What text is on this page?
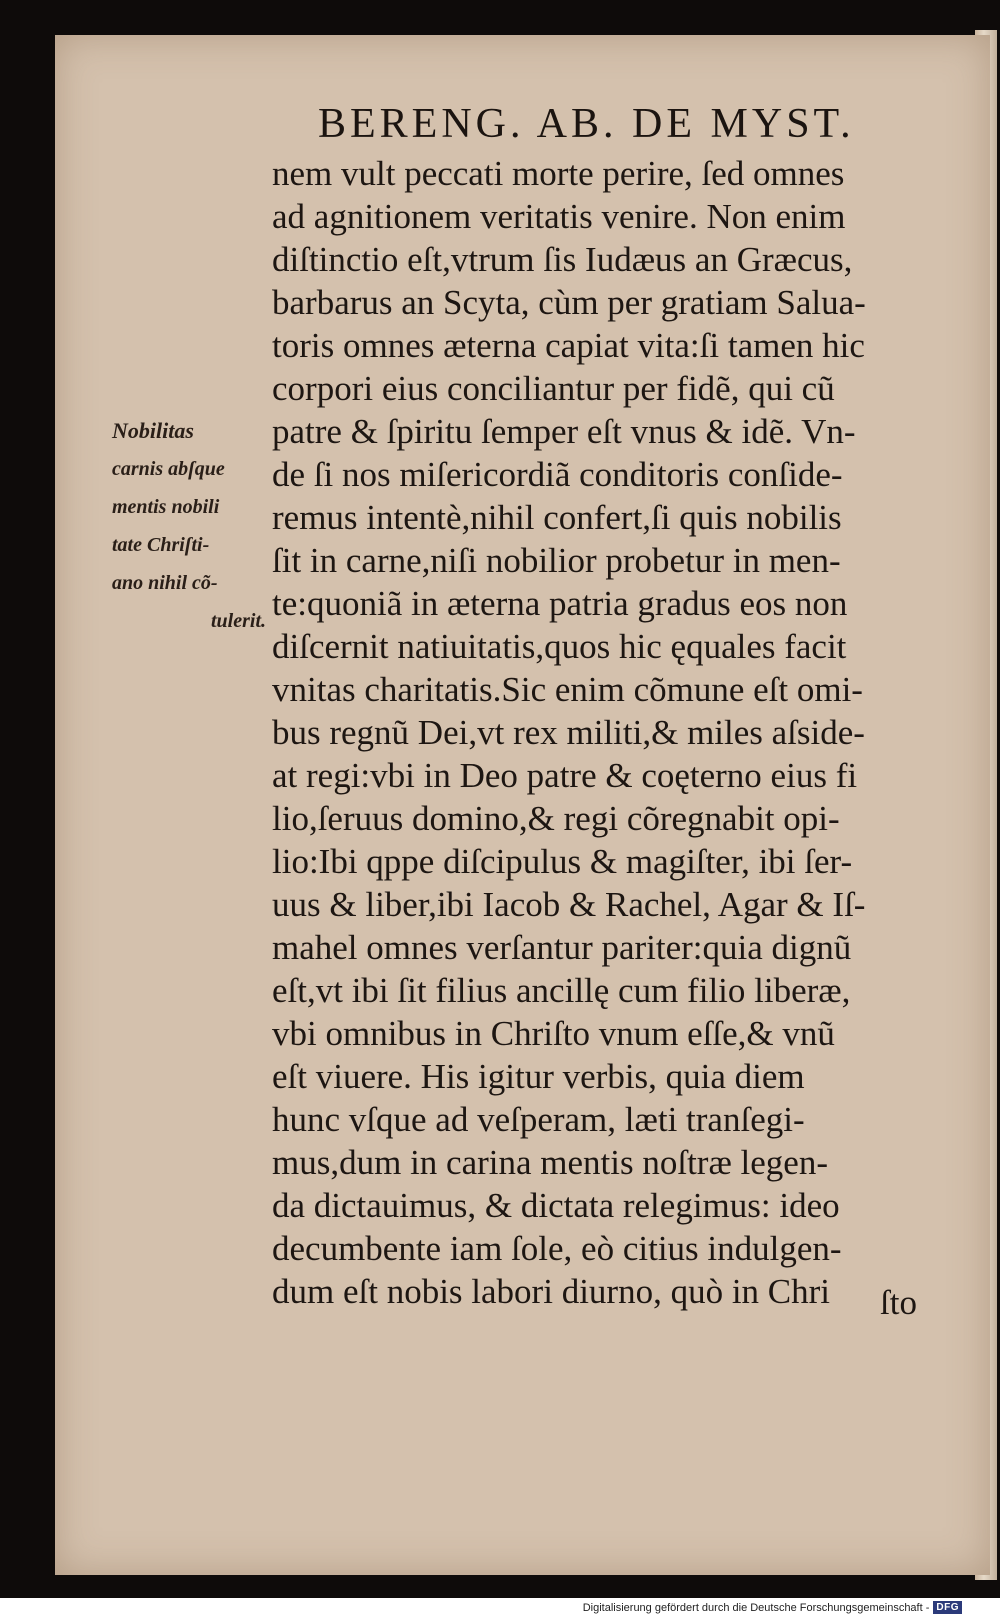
BERENG. AB. DE MYST.
Nobilitas
carnis abſque
mentis nobili
tate Chriſti-
ano nihil cõ-
tulerit.
nem vult peccati morte perire, ſed omnes
ad agnitionem veritatis venire. Non enim
diſtinctio eſt,vtrum ſis Iudæus an Græcus,
barbarus an Scyta, cùm per gratiam Salua-
toris omnes æterna capiat vita:ſi tamen hic
corpori eius conciliantur per fidẽ, qui cũ
patre & ſpiritu ſemper eſt vnus & idẽ. Vn-
de ſi nos miſericordiã conditoris conſide-
remus intentè,nihil confert,ſi quis nobilis
ſit in carne,niſi nobilior probetur in men-
te:quoniã in æterna patria gradus eos non
diſcernit natiuitatis,quos hic ęquales facit
vnitas charitatis.Sic enim cõmune eſt omi-
bus regnũ Dei,vt rex militi,& miles aſside-
at regi:vbi in Deo patre & coęterno eius fi
lio,ſeruus domino,& regi cõregnabit opi-
lio:Ibi qppe diſcipulus & magiſter, ibi ſer-
uus & liber,ibi Iacob & Rachel, Agar & Iſ-
mahel omnes verſantur pariter:quia dignũ
eſt,vt ibi ſit filius ancillę cum filio liberæ,
vbi omnibus in Chriſto vnum eſſe,& vnũ
eſt viuere. His igitur verbis, quia diem
hunc vſque ad veſperam, læti tranſegi-
mus,dum in carina mentis noſtræ legen-
da dictauimus, & dictata relegimus: ideo
decumbente iam ſole, eò citius indulgen-
dum eſt nobis labori diurno, quò in Chri	ſto
Digitalisierung gefördert durch die Deutsche Forschungsgemeinschaft - DFG
